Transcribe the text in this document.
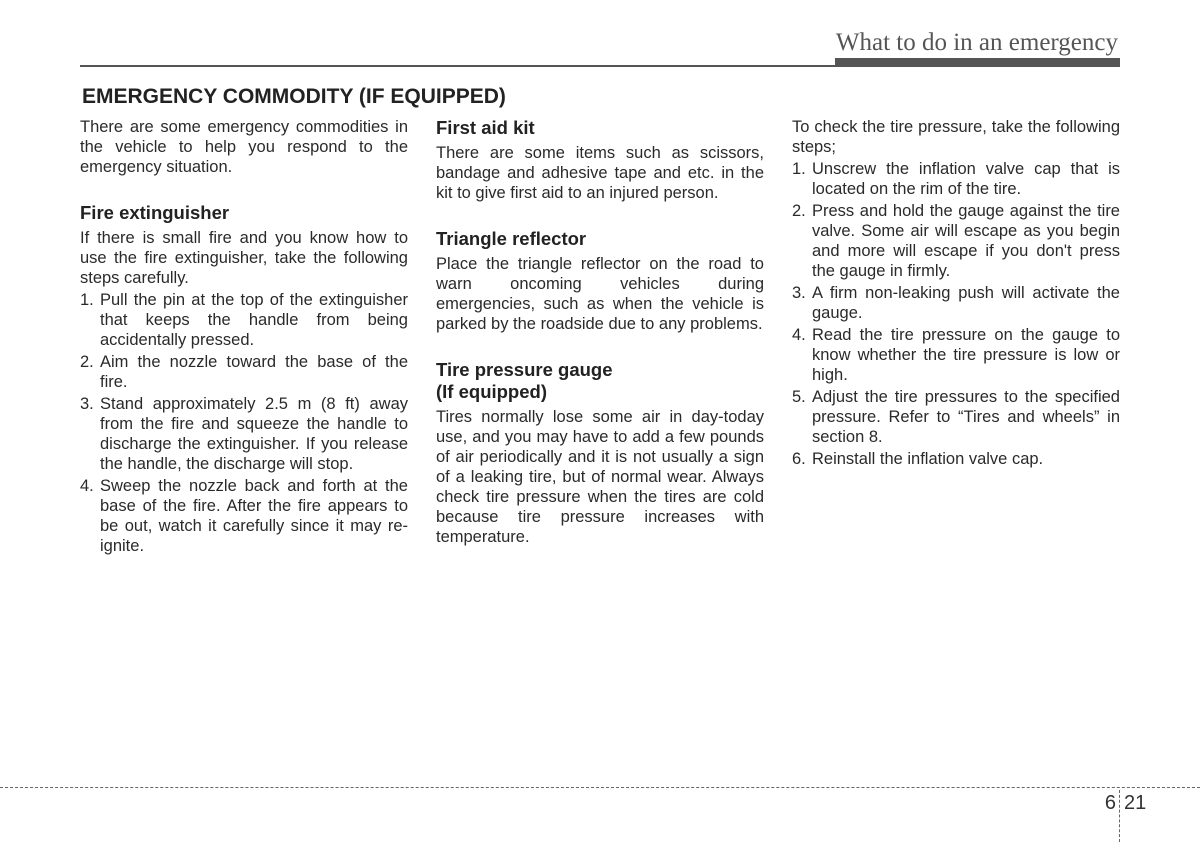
What to do in an emergency
EMERGENCY COMMODITY (IF EQUIPPED)

There are some emergency commodities in the vehicle to help you respond to the emergency situation.

Fire extinguisher

If there is small fire and you know how to use the fire extinguisher, take the following steps carefully.

1. Pull the pin at the top of the extinguisher that keeps the handle from being accidentally pressed.
2. Aim the nozzle toward the base of the fire.
3. Stand approximately 2.5 m (8 ft) away from the fire and squeeze the handle to discharge the extinguisher. If you release the handle, the discharge will stop.
4. Sweep the nozzle back and forth at the base of the fire. After the fire appears to be out, watch it carefully since it may re-ignite.

First aid kit

There are some items such as scissors, bandage and adhesive tape and etc. in the kit to give first aid to an injured person.

Triangle reflector

Place the triangle reflector on the road to warn oncoming vehicles during emergencies, such as when the vehicle is parked by the roadside due to any problems.

Tire pressure gauge

(If equipped)

Tires normally lose some air in day-today use, and you may have to add a few pounds of air periodically and it is not usually a sign of a leaking tire, but of normal wear. Always check tire pressure when the tires are cold because tire pressure increases with temperature.

To check the tire pressure, take the following steps;

1. Unscrew the inflation valve cap that is located on the rim of the tire.
2. Press and hold the gauge against the tire valve. Some air will escape as you begin and more will escape if you don't press the gauge in firmly.
3. A firm non-leaking push will activate the gauge.
4. Read the tire pressure on the gauge to know whether the tire pressure is low or high.
5. Adjust the tire pressures to the specified pressure. Refer to “Tires and wheels” in section 8.
6. Reinstall the inflation valve cap.
6 21
